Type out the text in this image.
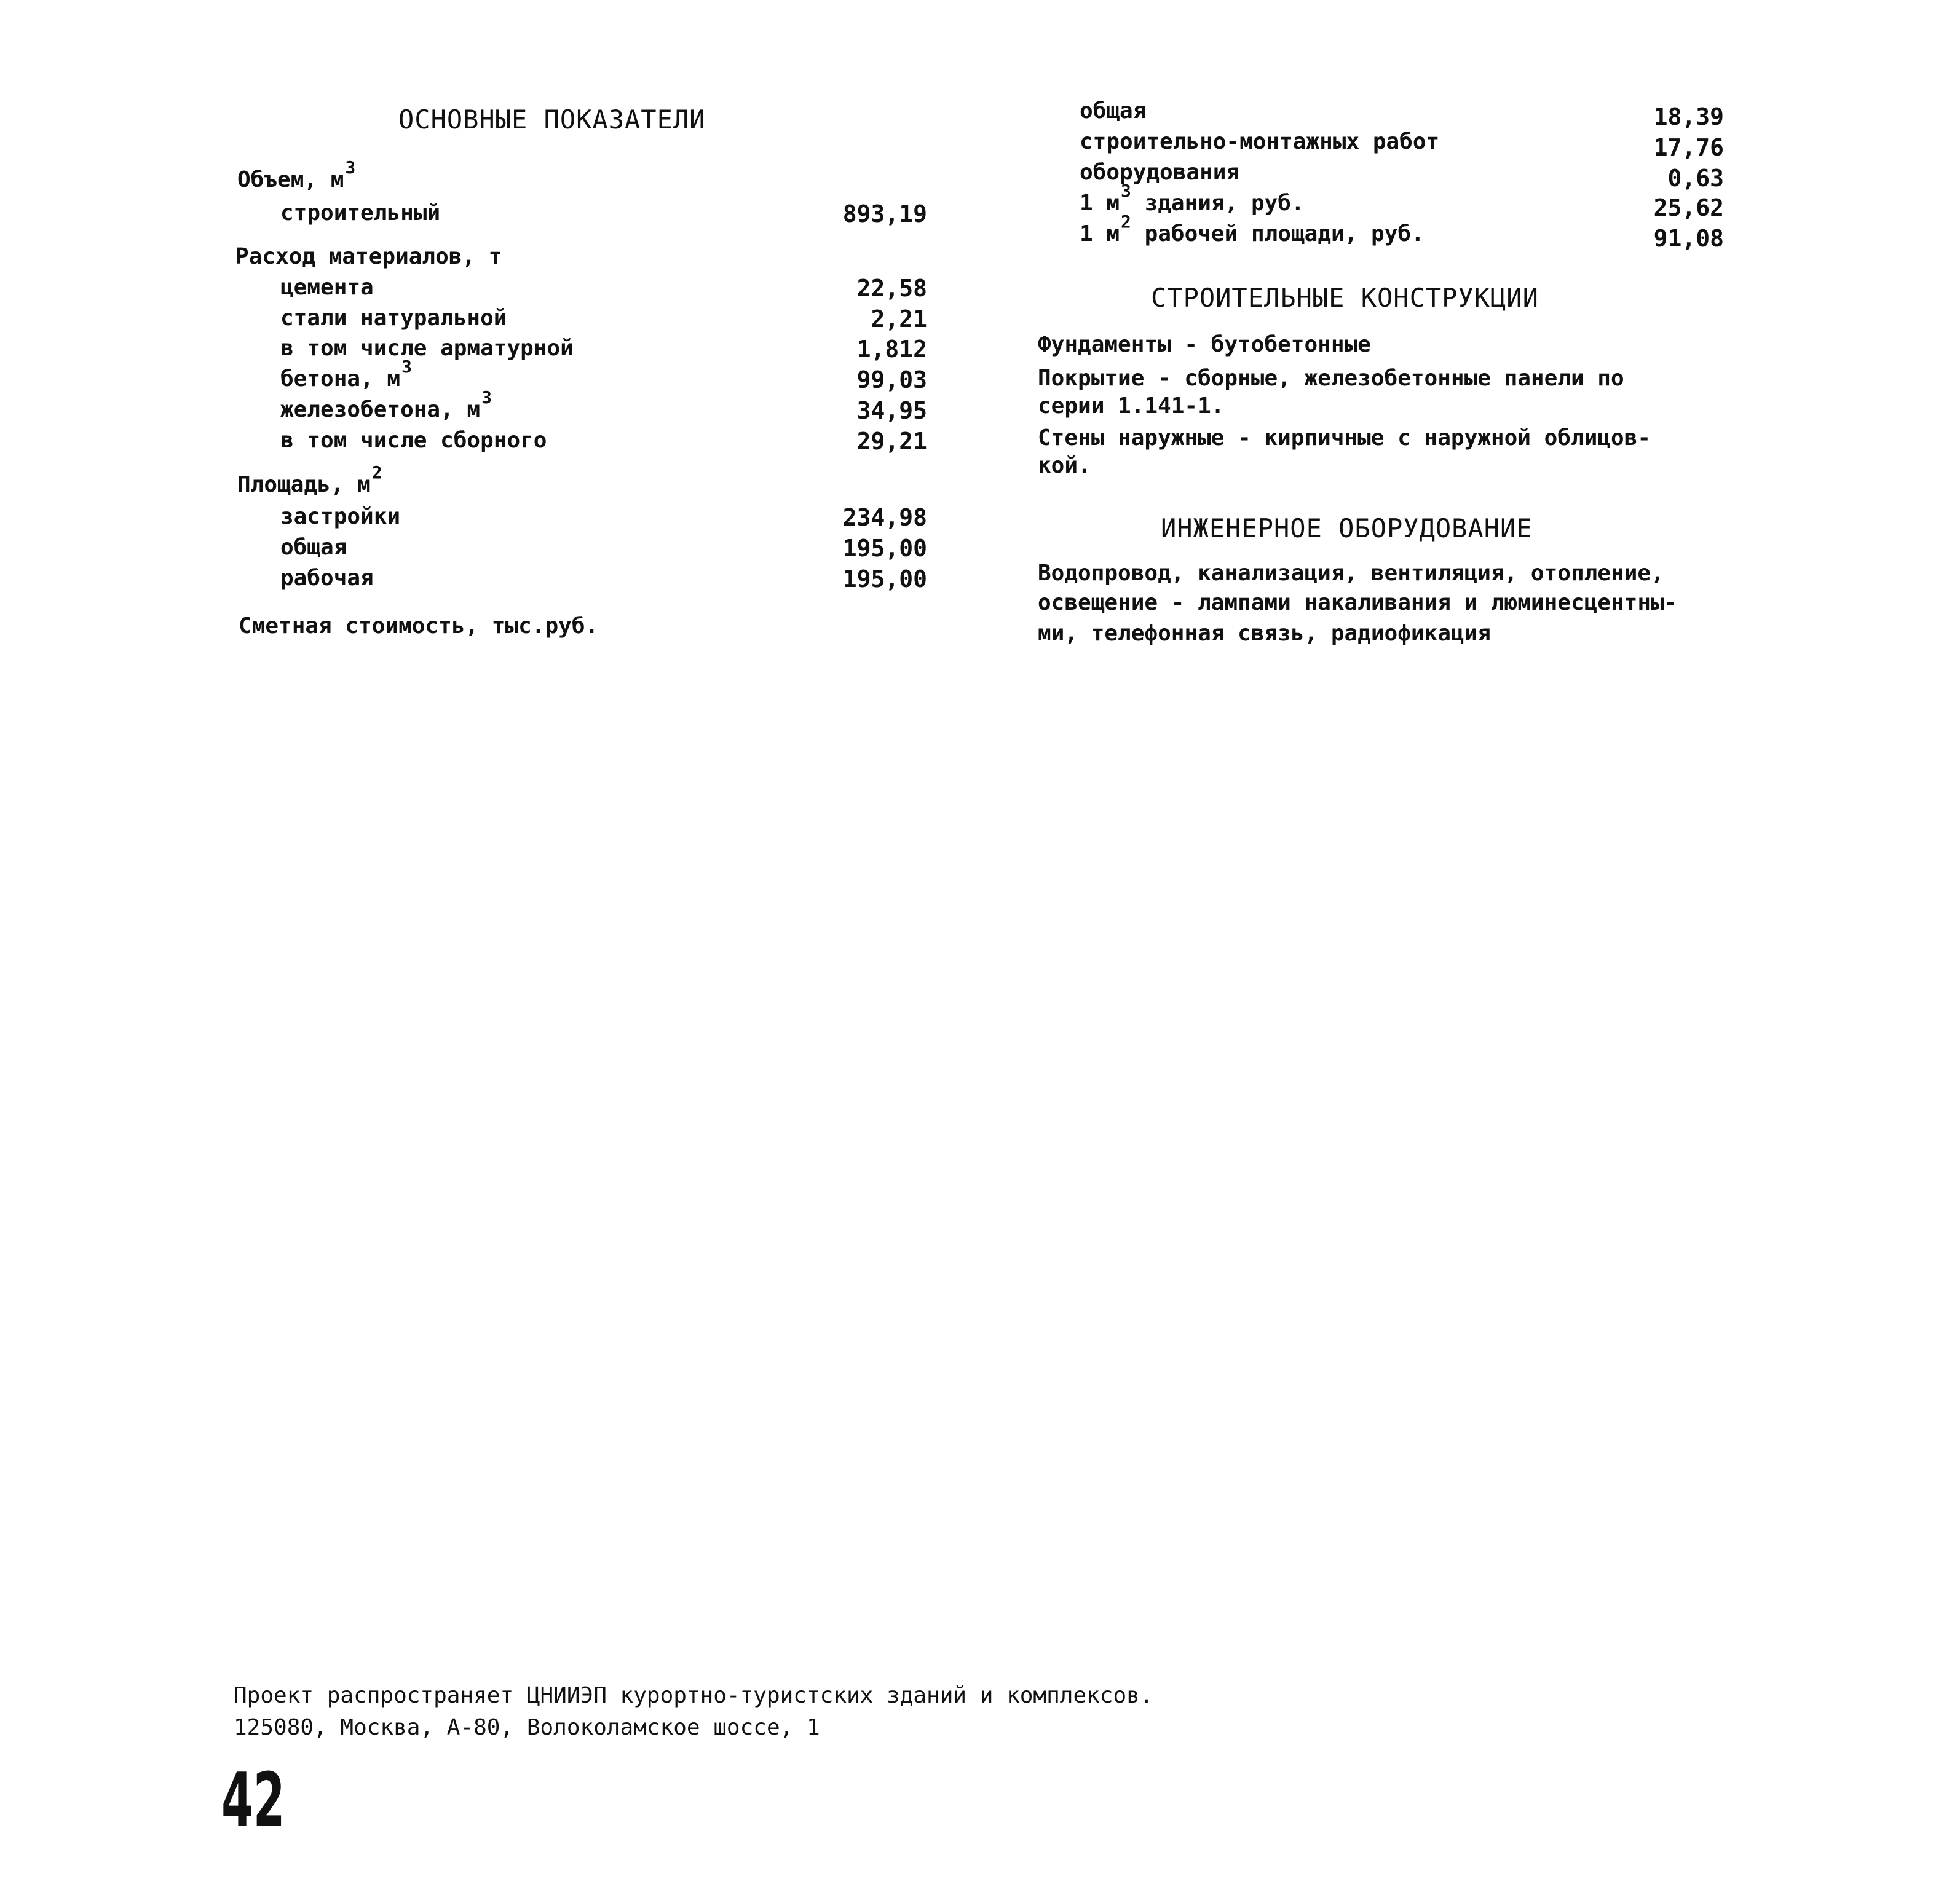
ОСНОВНЫЕ ПОКАЗАТЕЛИ
Объем, $м^3$
строительный	893,19
Расход материалов, т
цемента	22,58
стали натуральной	2,21
в том числе арматурной	1,812
бетона, $м^3$	99,03
железобетона, $м^3$	34,95
в том числе сборного	29,21
Площадь, $м^2$
застройки	234,98
общая	195,00
рабочая	195,00
Сметная стоимость, тыс.руб.
общая	18,39
строительно-монтажных работ	17,76
оборудования	0,63
1 $м^3$ здания, руб.	25,62
1 $м^2$ рабочей площади, руб.	91,08
СТРОИТЕЛЬНЫЕ КОНСТРУКЦИИ
Фундаменты - бутобетонные
Покрытие - сборные, железобетонные панели по
серии 1.141-1.
Стены наружные - кирпичные с наружной облицов-
кой.
ИНЖЕНЕРНОЕ ОБОРУДОВАНИЕ
Водопровод, канализация, вентиляция, отопление,
освещение - лампами накаливания и люминесцентны-
ми, телефонная связь, радиофикация
Проект распространяет ЦНИИЭП курортно-туристских зданий и комплексов.
125080, Москва, А-80, Волоколамское шоссе, 1
42
